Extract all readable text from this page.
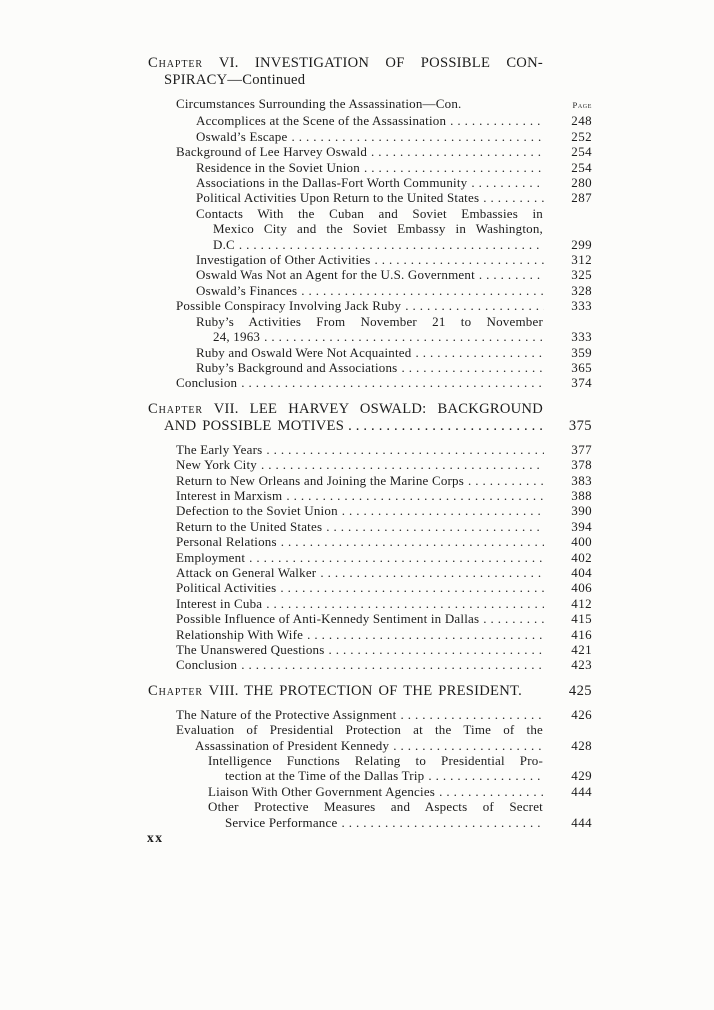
Chapter VI. INVESTIGATION OF POSSIBLE CON-
SPIRACY—Continued
Circumstances Surrounding the Assassination—Con.	Page
Accomplices at the Scene of the Assassination .....	248
Oswald’s Escape .....	252
Background of Lee Harvey Oswald .....	254
Residence in the Soviet Union .....	254
Associations in the Dallas-Fort Worth Community .....	280
Political Activities Upon Return to the United States .....	287
Contacts With the Cuban and Soviet Embassies in
Mexico City and the Soviet Embassy in Washington,
D.C .....	299
Investigation of Other Activities .....	312
Oswald Was Not an Agent for the U.S. Government .....	325
Oswald’s Finances .....	328
Possible Conspiracy Involving Jack Ruby .....	333
Ruby’s Activities From November 21 to November
24, 1963 .....	333
Ruby and Oswald Were Not Acquainted .....	359
Ruby’s Background and Associations .....	365
Conclusion .....	374
Chapter VII. LEE HARVEY OSWALD: BACKGROUND
AND POSSIBLE MOTIVES .....	375
The Early Years .....	377
New York City .....	378
Return to New Orleans and Joining the Marine Corps .....	383
Interest in Marxism .....	388
Defection to the Soviet Union .....	390
Return to the United States .....	394
Personal Relations .....	400
Employment .....	402
Attack on General Walker .....	404
Political Activities .....	406
Interest in Cuba .....	412
Possible Influence of Anti-Kennedy Sentiment in Dallas .....	415
Relationship With Wife .....	416
The Unanswered Questions .....	421
Conclusion .....	423
Chapter VIII. THE PROTECTION OF THE PRESIDENT.	425
The Nature of the Protective Assignment .....	426
Evaluation of Presidential Protection at the Time of the
Assassination of President Kennedy .....	428
Intelligence Functions Relating to Presidential Pro-
tection at the Time of the Dallas Trip .....	429
Liaison With Other Government Agencies .....	444
Other Protective Measures and Aspects of Secret
Service Performance .....	444
xx
